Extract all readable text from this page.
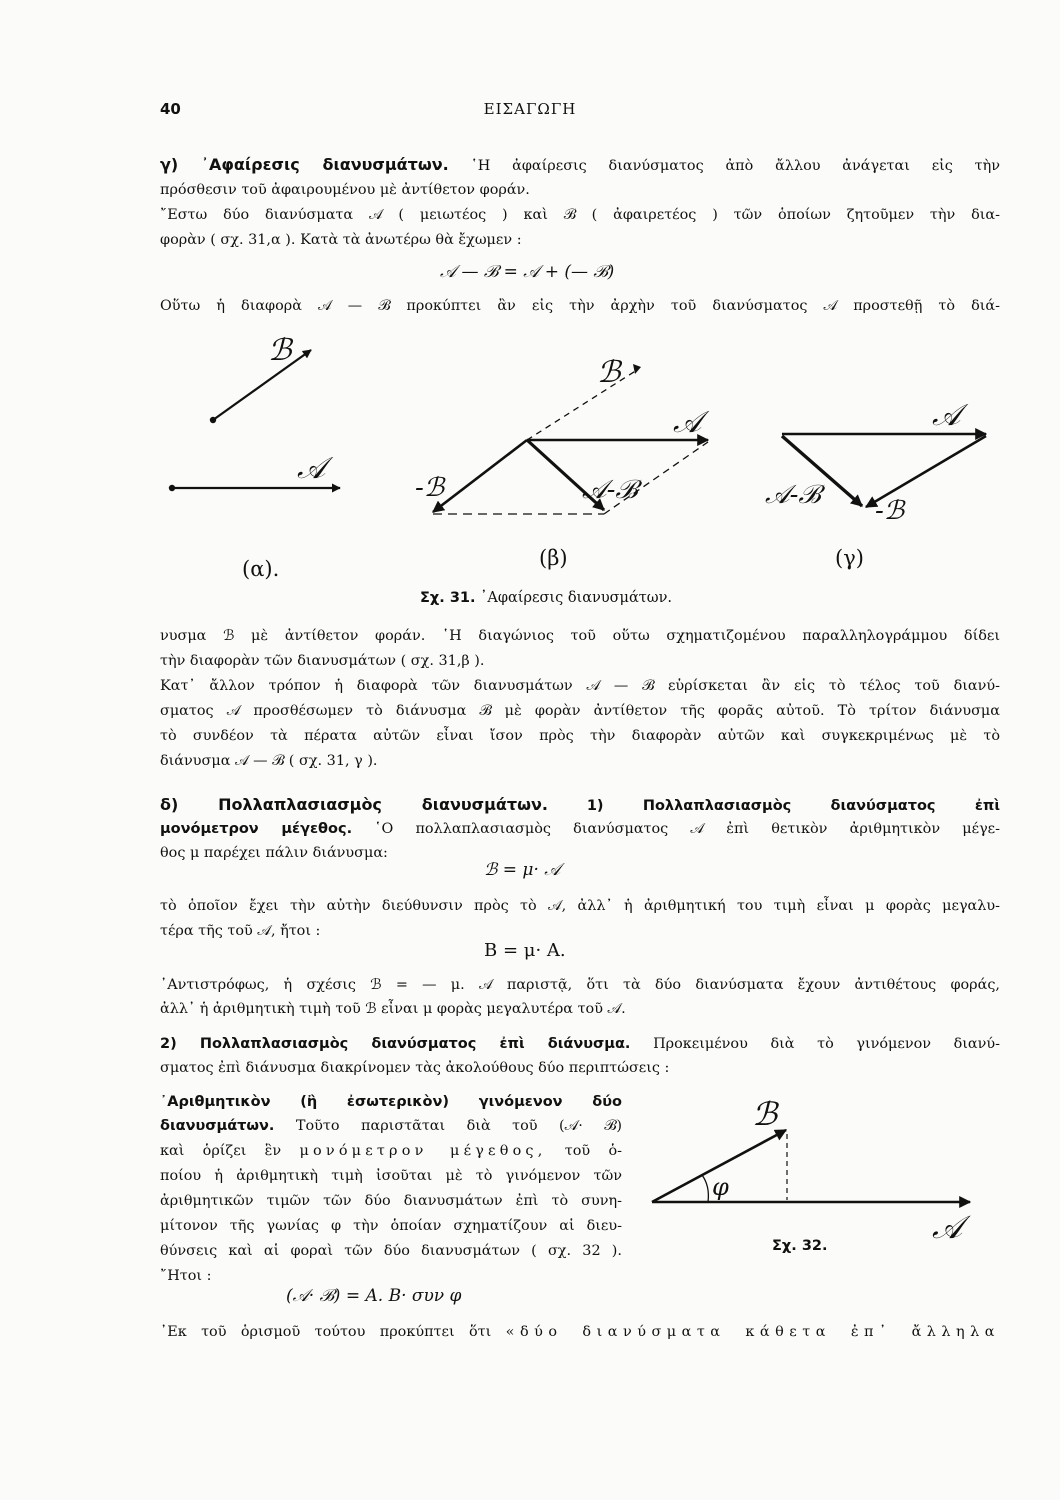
40	ΕΙΣΑΓΩΓΗ
γ) ᾿Αφαίρεσις διανυσμάτων. ῾Η ἀφαίρεσις διανύσματος ἀπὸ ἄλλου ἀνάγεται εἰς τὴν
πρόσθεσιν τοῦ ἀφαιρουμένου μὲ ἀντίθετον φοράν.
῎Εστω δύο διανύσματα 𝒜 ( μειωτέος ) καὶ ℬ ( ἀφαιρετέος ) τῶν ὁποίων ζητοῦμεν τὴν δια-
φορὰν ( σχ. 31,α ). Κατὰ τὰ ἀνωτέρω θὰ ἔχωμεν :
𝒜 — ℬ = 𝒜 + (— ℬ)
Οὕτω ἡ διαφορὰ 𝒜 — ℬ προκύπτει ἂν εἰς τὴν ἀρχὴν τοῦ διανύσματος 𝒜 προστεθῇ τὸ διά-
ℬ
𝒜
(α).
ℬ
𝒜
-ℬ	𝒜-ℬ
(β)
𝒜
𝒜-ℬ
-ℬ
(γ)
Σχ. 31. ᾿Αφαίρεσις διανυσμάτων.
νυσμα ℬ μὲ ἀντίθετον φοράν. ῾Η διαγώνιος τοῦ οὕτω σχηματιζομένου παραλληλογράμμου δίδει
τὴν διαφορὰν τῶν διανυσμάτων ( σχ. 31,β ).
Κατ᾿ ἄλλον τρόπον ἡ διαφορὰ τῶν διανυσμάτων 𝒜 — ℬ εὑρίσκεται ἂν εἰς τὸ τέλος τοῦ διανύ-
σματος 𝒜 προσθέσωμεν τὸ διάνυσμα ℬ μὲ φορὰν ἀντίθετον τῆς φορᾶς αὐτοῦ. Τὸ τρίτον διάνυσμα
τὸ συνδέον τὰ πέρατα αὐτῶν εἶναι ἴσον πρὸς τὴν διαφορὰν αὐτῶν καὶ συγκεκριμένως μὲ τὸ
διάνυσμα 𝒜 — ℬ ( σχ. 31, γ ).
δ) Πολλαπλασιασμὸς διανυσμάτων.	1) Πολλαπλασιασμὸς διανύσματος ἐπὶ
μονόμετρον μέγεθος. ῾Ο πολλαπλασιασμὸς διανύσματος 𝒜 ἐπὶ θετικὸν ἀριθμητικὸν μέγε-
θος μ παρέχει πάλιν διάνυσμα:
ℬ = μ· 𝒜
τὸ ὁποῖον ἔχει τὴν αὐτὴν διεύθυνσιν πρὸς τὸ 𝒜, ἀλλ᾿ ἡ ἀριθμητική του τιμὴ εἶναι μ φορὰς μεγαλυ-
τέρα τῆς τοῦ 𝒜, ἤτοι :
B = μ· A.
᾿Αντιστρόφως, ἡ σχέσις ℬ = — μ. 𝒜 παριστᾷ, ὅτι τὰ δύο διανύσματα ἔχουν ἀντιθέτους φοράς,
ἀλλ᾿ ἡ ἀριθμητικὴ τιμὴ τοῦ ℬ εἶναι μ φορὰς μεγαλυτέρα τοῦ 𝒜.
2) Πολλαπλασιασμὸς διανύσματος ἐπὶ διάνυσμα. Προκειμένου διὰ τὸ γινόμενον διανύ-
σματος ἐπὶ διάνυσμα διακρίνομεν τὰς ἀκολούθους δύο περιπτώσεις :
᾿Αριθμητικὸν (ἢ ἐσωτερικὸν) γινόμενον δύο
διανυσμάτων. Τοῦτο παριστᾶται διὰ τοῦ (𝒜· ℬ)
καὶ ὁρίζει ἓν μονόμετρον μέγεθος, τοῦ ὁ-
ποίου ἡ ἀριθμητικὴ τιμὴ ἰσοῦται μὲ τὸ γινόμενον τῶν
ἀριθμητικῶν τιμῶν τῶν δύο διανυσμάτων ἐπὶ τὸ συνη-
μίτονον τῆς γωνίας φ τὴν ὁποίαν σχηματίζουν αἱ διευ-
θύνσεις καὶ αἱ φοραὶ τῶν δύο διανυσμάτων ( σχ. 32 ).
῎Ητοι :
(𝒜· ℬ) = A. B· συν φ
᾿Εκ τοῦ ὁρισμοῦ τούτου προκύπτει ὅτι «δύο διανύσματα κάθετα ἐπ᾿ ἄλληλα
φ
ℬ
𝒜
Σχ. 32.
